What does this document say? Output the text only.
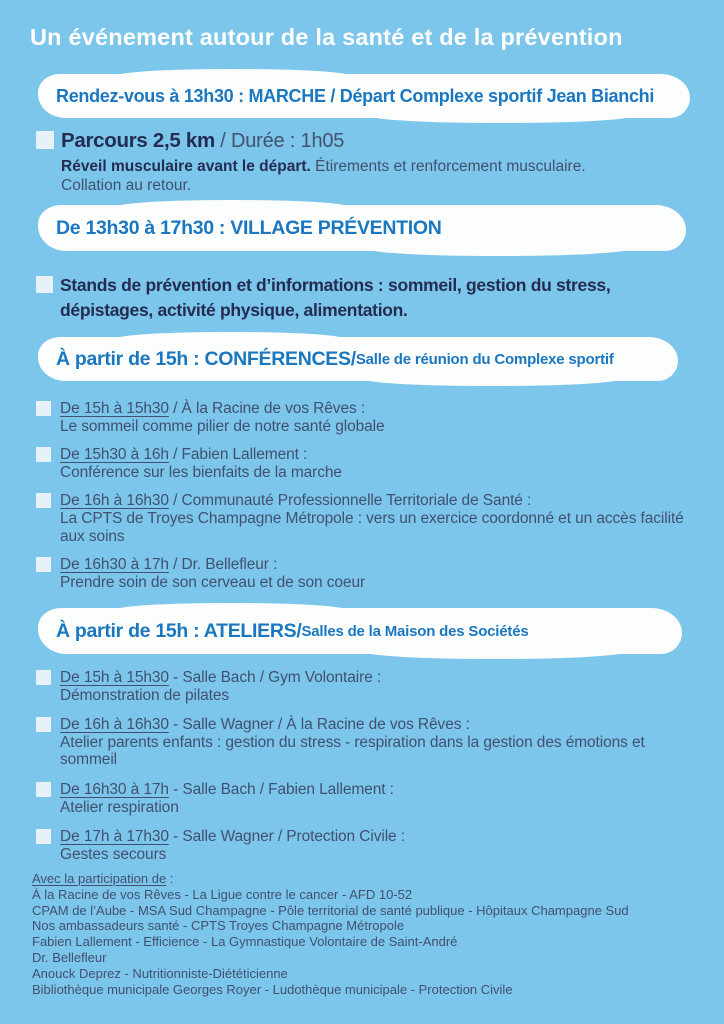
Un événement autour de la santé et de la prévention
Rendez-vous à 13h30 : MARCHE / Départ Complexe sportif Jean Bianchi
Parcours 2,5 km / Durée : 1h05
Réveil musculaire avant le départ. Étirements et renforcement musculaire.
Collation au retour.
De 13h30 à 17h30 : VILLAGE PRÉVENTION
Stands de prévention et d’informations : sommeil, gestion du stress,
dépistages, activité physique, alimentation.
À partir de 15h : CONFÉRENCES / Salle de réunion du Complexe sportif
De 15h à 15h30 / À la Racine de vos Rêves :
Le sommeil comme pilier de notre santé globale
De 15h30 à 16h / Fabien Lallement :
Conférence sur les bienfaits de la marche
De 16h à 16h30 / Communauté Professionnelle Territoriale de Santé :
La CPTS de Troyes Champagne Métropole : vers un exercice coordonné et un accès facilité aux soins
De 16h30 à 17h / Dr. Bellefleur :
Prendre soin de son cerveau et de son coeur
À partir de 15h : ATELIERS / Salles de la Maison des Sociétés
De 15h à 15h30 - Salle Bach / Gym Volontaire :
Démonstration de pilates
De 16h à 16h30 - Salle Wagner / À la Racine de vos Rêves :
Atelier parents enfants : gestion du stress - respiration dans la gestion des émotions et sommeil
De 16h30 à 17h - Salle Bach / Fabien Lallement :
Atelier respiration
De 17h à 17h30 - Salle Wagner / Protection Civile :
Gestes secours
Avec la participation de :
À la Racine de vos Rêves - La Ligue contre le cancer - AFD 10-52
CPAM de l’Aube - MSA Sud Champagne - Pôle territorial de santé publique - Hôpitaux Champagne Sud
Nos ambassadeurs santé - CPTS Troyes Champagne Métropole
Fabien Lallement - Efficience - La Gymnastique Volontaire de Saint-André
Dr. Bellefleur
Anouck Deprez - Nutritionniste-Diététicienne
Bibliothèque municipale Georges Royer - Ludothèque municipale - Protection Civile
